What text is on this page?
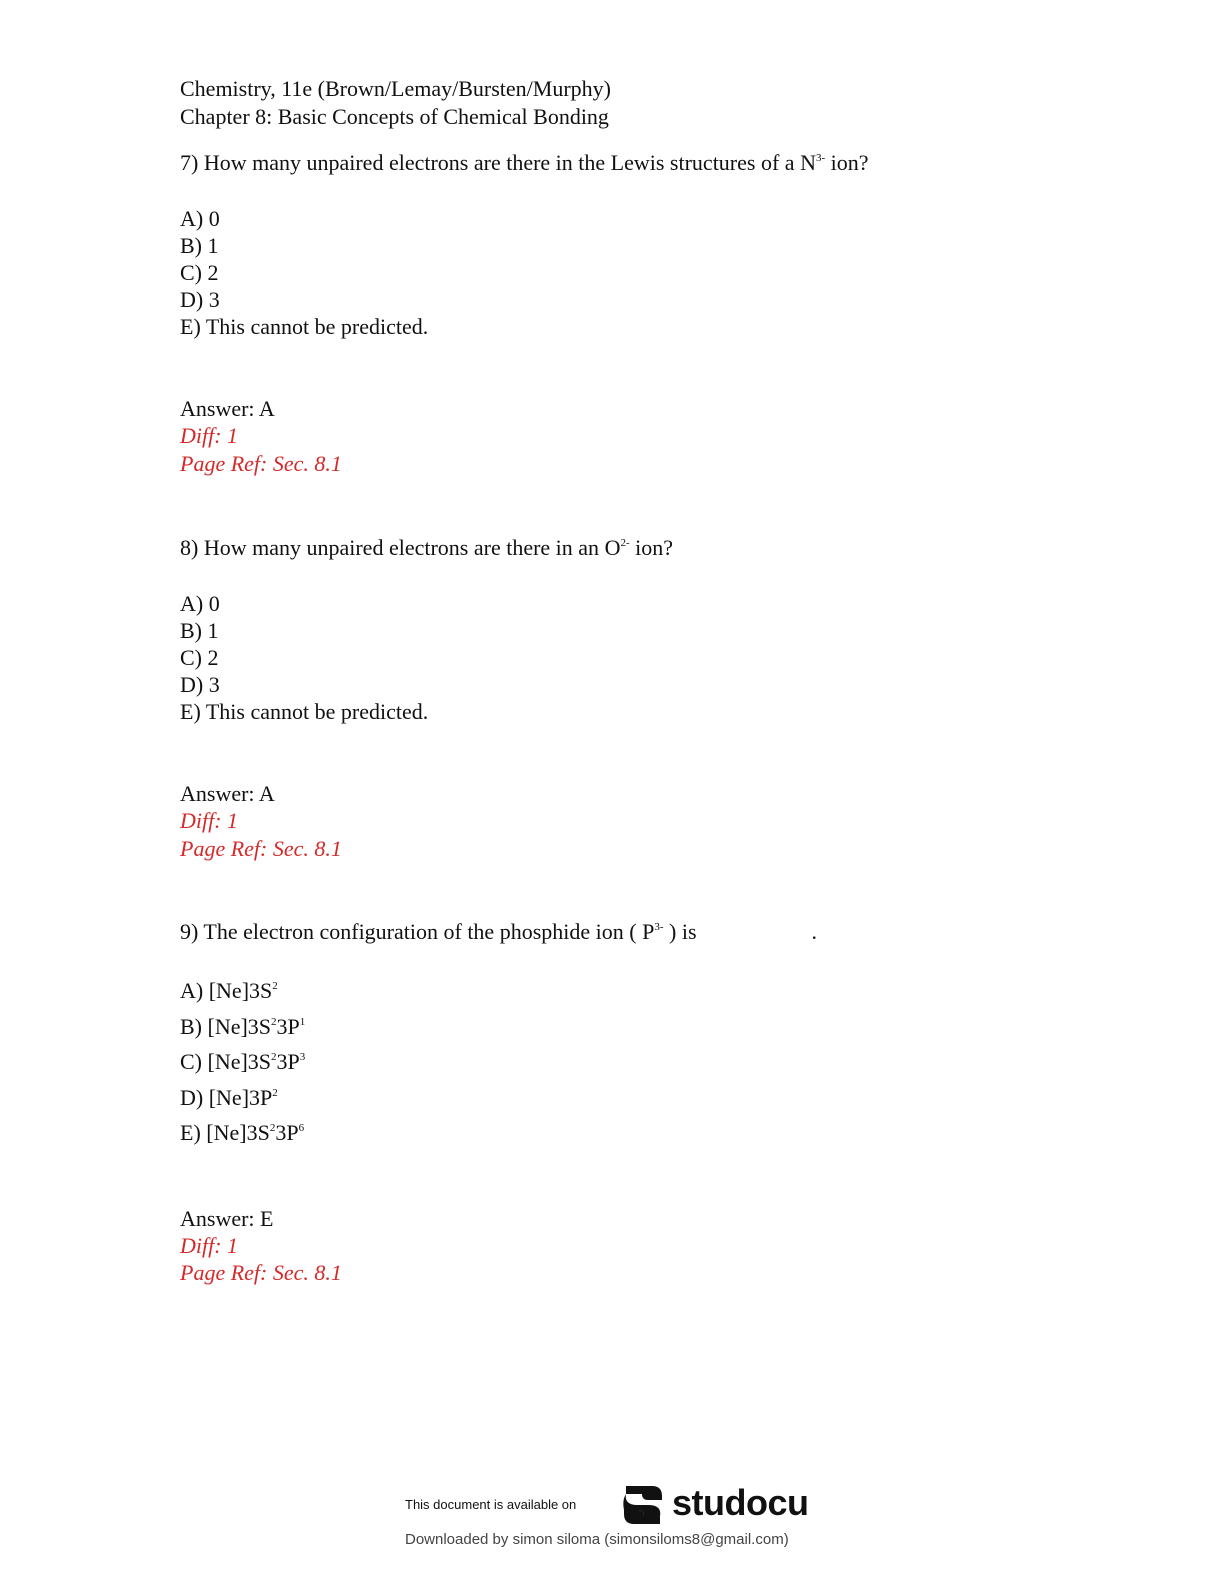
Chemistry, 11e (Brown/Lemay/Bursten/Murphy)
Chapter 8: Basic Concepts of Chemical Bonding
7) How many unpaired electrons are there in the Lewis structures of a $N^{3-}$ ion?
A) 0
B) 1
C) 2
D) 3
E) This cannot be predicted.
Answer: A
Diff: 1
Page Ref: Sec. 8.1
8) How many unpaired electrons are there in an $O^{2-}$ ion?
A) 0
B) 1
C) 2
D) 3
E) This cannot be predicted.
Answer: A
Diff: 1
Page Ref: Sec. 8.1
9) The electron configuration of the phosphide ion ( $P^{3-}$ ) is	.
A) $[Ne]3S^2$
B) $[Ne]3S^23P^1$
C) $[Ne]3S^23P^3$
D) $[Ne]3P^2$
E) $[Ne]3S^23P^6$
Answer: E
Diff: 1
Page Ref: Sec. 8.1
This document is available on	studocu
Downloaded by simon siloma (simonsiloms8@gmail.com)
